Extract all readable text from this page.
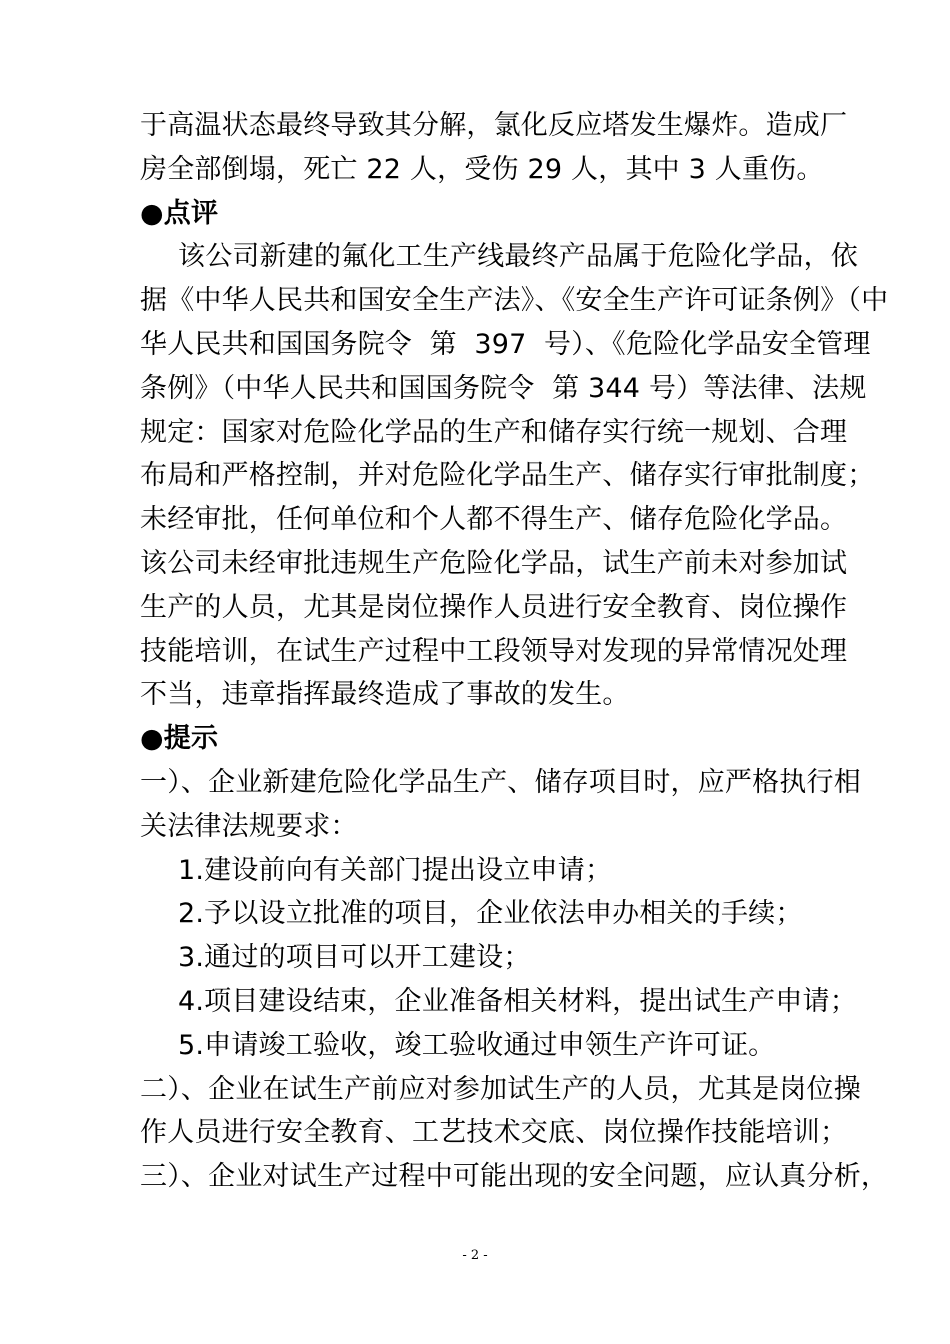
于高温状态最终导致其分解，氯化反应塔发生爆炸。造成厂
房全部倒塌，死亡 22 人，受伤 29 人，其中 3 人重伤。
●点评
该公司新建的氟化工生产线最终产品属于危险化学品，依
据《中华人民共和国安全生产法》、《安全生产许可证条例》（中
华人民共和国国务院令  第  397  号）、《危险化学品安全管理
条例》（中华人民共和国国务院令  第 344 号）等法律、法规
规定：国家对危险化学品的生产和储存实行统一规划、合理
布局和严格控制，并对危险化学品生产、储存实行审批制度；
未经审批，任何单位和个人都不得生产、储存危险化学品。
该公司未经审批违规生产危险化学品，试生产前未对参加试
生产的人员，尤其是岗位操作人员进行安全教育、岗位操作
技能培训，在试生产过程中工段领导对发现的异常情况处理
不当，违章指挥最终造成了事故的发生。
●提示
一）、企业新建危险化学品生产、储存项目时，应严格执行相
关法律法规要求：
1.建设前向有关部门提出设立申请；
2.予以设立批准的项目，企业依法申办相关的手续；
3.通过的项目可以开工建设；
4.项目建设结束，企业准备相关材料，提出试生产申请；
5.申请竣工验收，竣工验收通过申领生产许可证。
二）、企业在试生产前应对参加试生产的人员，尤其是岗位操
作人员进行安全教育、工艺技术交底、岗位操作技能培训；
三）、企业对试生产过程中可能出现的安全问题，应认真分析，
- 2 -
